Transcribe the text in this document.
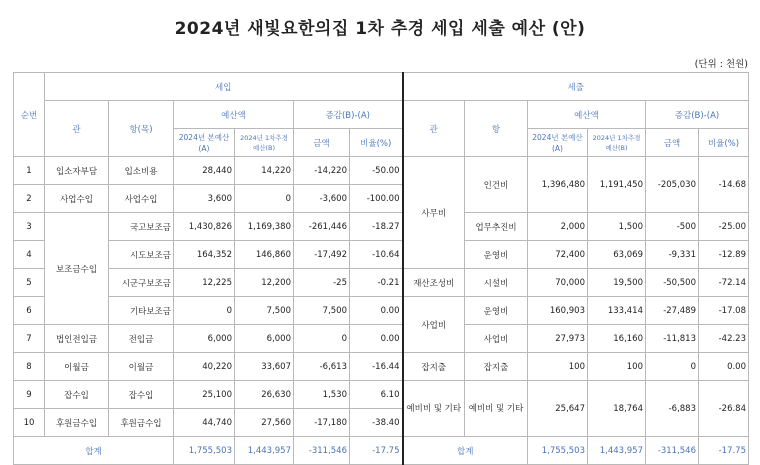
2024년 새빛요한의집 1차 추경 세입 세출 예산 (안)
(단위 : 천원)
순번	세입						세출					
	관	항(목)	예산액		증감(B)-(A)		관	항	예산액		증감(B)-(A)	
			2024년 본예산(A)	2024년 1차추경예산(B)	금액	비율(%)			2024년 본예산(A)	2024년 1차추경예산(B)	금액	비율(%)
1	입소자부담	입소비용	28,440	14,220	-14,220	-50.00	사무비	인건비	1,396,480	1,191,450	-205,030	-14.68
2	사업수입	사업수입	3,600	0	-3,600	-100.00						
3	보조금수입	국고보조금	1,430,826	1,169,380	-261,446	-18.27		업무추진비	2,000	1,500	-500	-25.00
4		시도보조금	164,352	146,860	-17,492	-10.64		운영비	72,400	63,069	-9,331	-12.89
5		시군구보조금	12,225	12,200	-25	-0.21	재산조성비	시설비	70,000	19,500	-50,500	-72.14
6		기타보조금	0	7,500	7,500	0.00	사업비	운영비	160,903	133,414	-27,489	-17.08
7	법인전입금	전입금	6,000	6,000	0	0.00		사업비	27,973	16,160	-11,813	-42.23
8	이월금	이월금	40,220	33,607	-6,613	-16.44	잡지출	잡지출	100	100	0	0.00
9	잡수입	잡수입	25,100	26,630	1,530	6.10	예비비 및 기타	예비비 및 기타	25,647	18,764	-6,883	-26.84
10	후원금수입	후원금수입	44,740	27,560	-17,180	-38.40						
합계			1,755,503	1,443,957	-311,546	-17.75	합계		1,755,503	1,443,957	-311,546	-17.75
